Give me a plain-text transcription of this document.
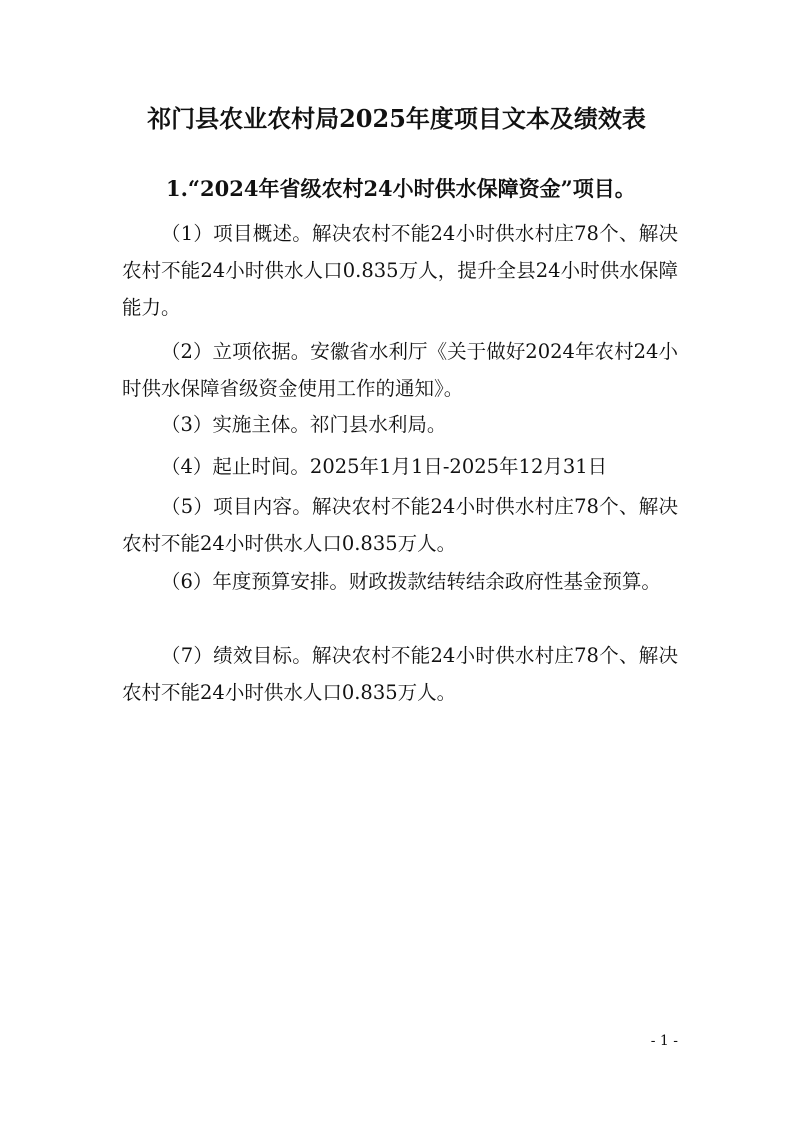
祁门县农业农村局2025年度项目文本及绩效表

1.“2024年省级农村24小时供水保障资金”项目。

（1）项目概述。解决农村不能24小时供水村庄78个、解决农村不能24小时供水人口0.835万人，提升全县24小时供水保障能力。

（2）立项依据。安徽省水利厅《关于做好2024年农村24小时供水保障省级资金使用工作的通知》。

（3）实施主体。祁门县水利局。

（4）起止时间。2025年1月1日-2025年12月31日

（5）项目内容。解决农村不能24小时供水村庄78个、解决农村不能24小时供水人口0.835万人。

（6）年度预算安排。财政拨款结转结余政府性基金预算。

（7）绩效目标。解决农村不能24小时供水村庄78个、解决农村不能24小时供水人口0.835万人。

- 1 -
